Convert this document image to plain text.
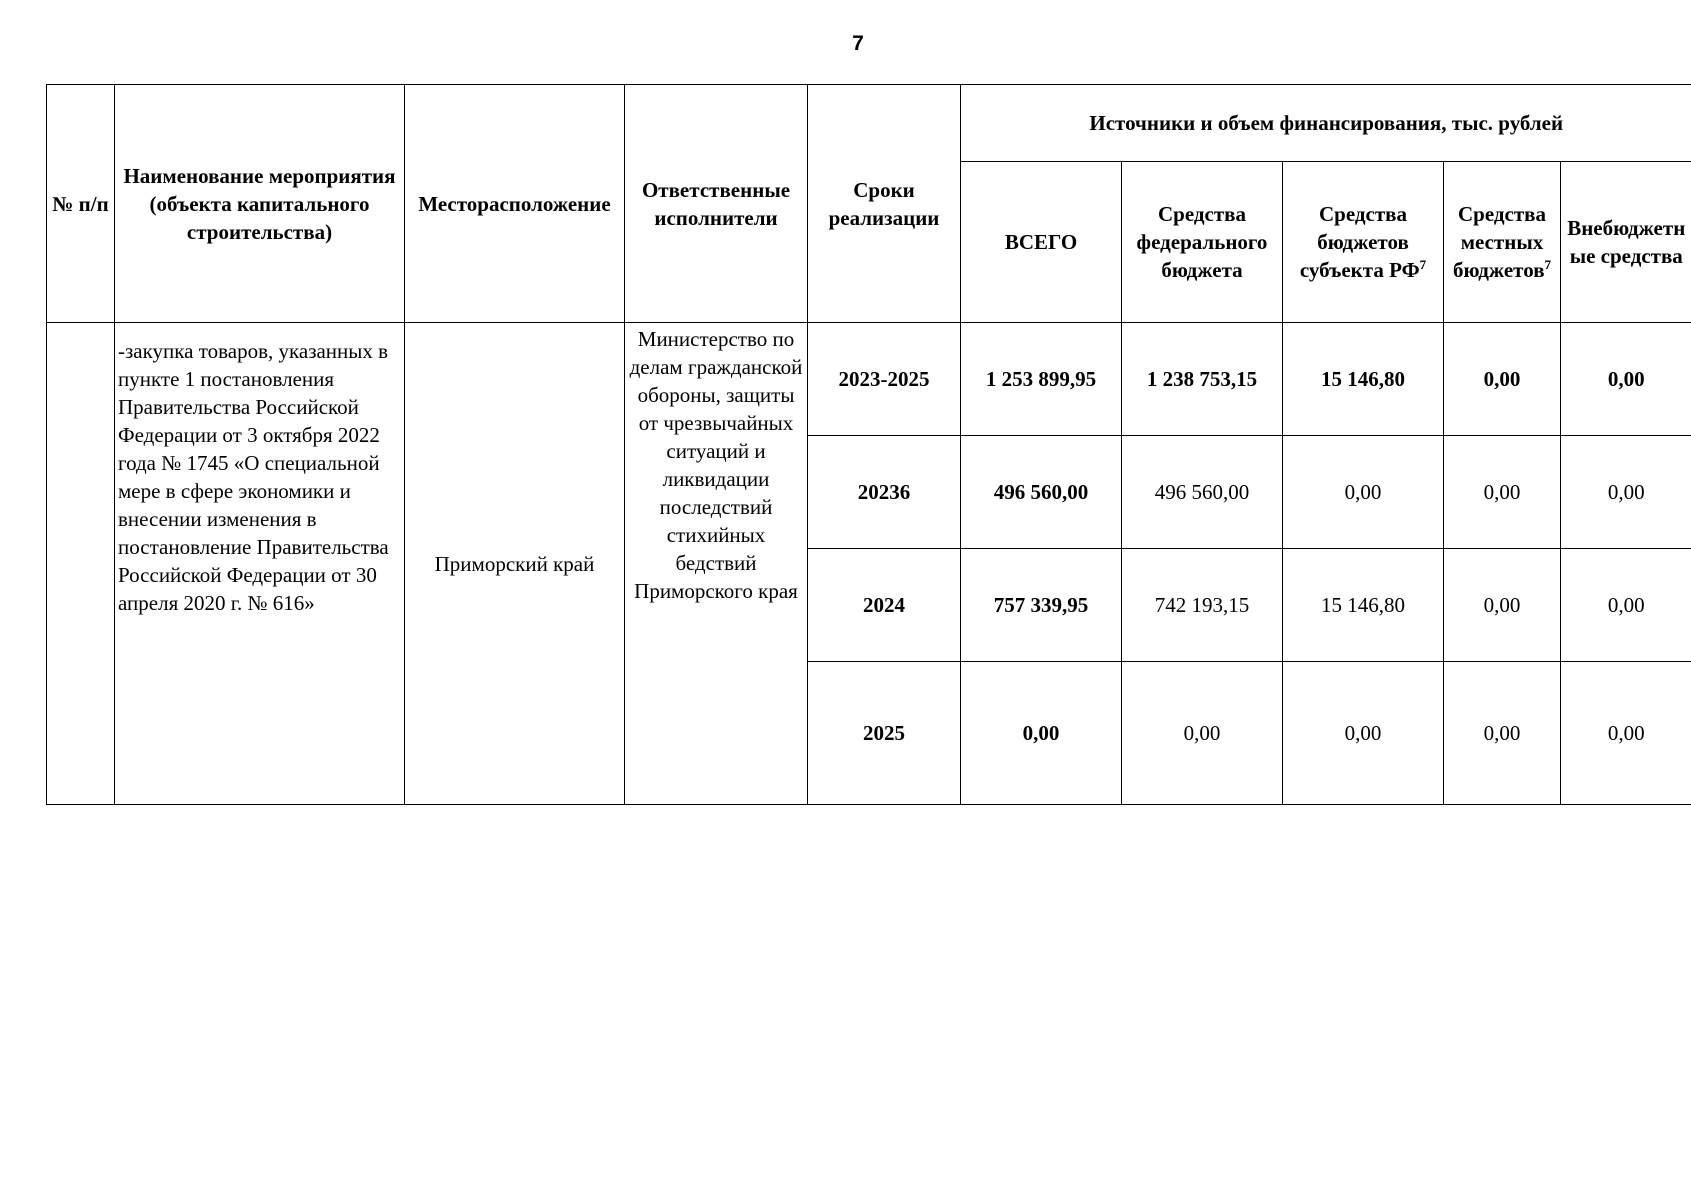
7
№ п/п	Наименование мероприятия (объекта капитального строительства)	Месторасположение	Ответственные исполнители	Сроки реализации	Источники и объем финансирования, тыс. рублей				
					ВСЕГО	Средства федерального бюджета	Средства бюджетов субъекта $РФ^7$	Средства местных бюджетов$^7$	Внебюджетн ые средства
	-закупка товаров, указанных в пункте 1 постановления Правительства Российской Федерации от 3 октября 2022 года № 1745 «О специальной мере в сфере экономики и внесении изменения в постановление Правительства Российской Федерации от 30 апреля 2020 г. № 616»	Приморский край	Министерство по делам гражданской обороны, защиты от чрезвычайных ситуаций и ликвидации последствий стихийных бедствий Приморского края	2023-2025	1 253 899,95	1 238 753,15	15 146,80	0,00	0,00
				20236	496 560,00	496 560,00	0,00	0,00	0,00
				2024	757 339,95	742 193,15	15 146,80	0,00	0,00
				2025	0,00	0,00	0,00	0,00	0,00
